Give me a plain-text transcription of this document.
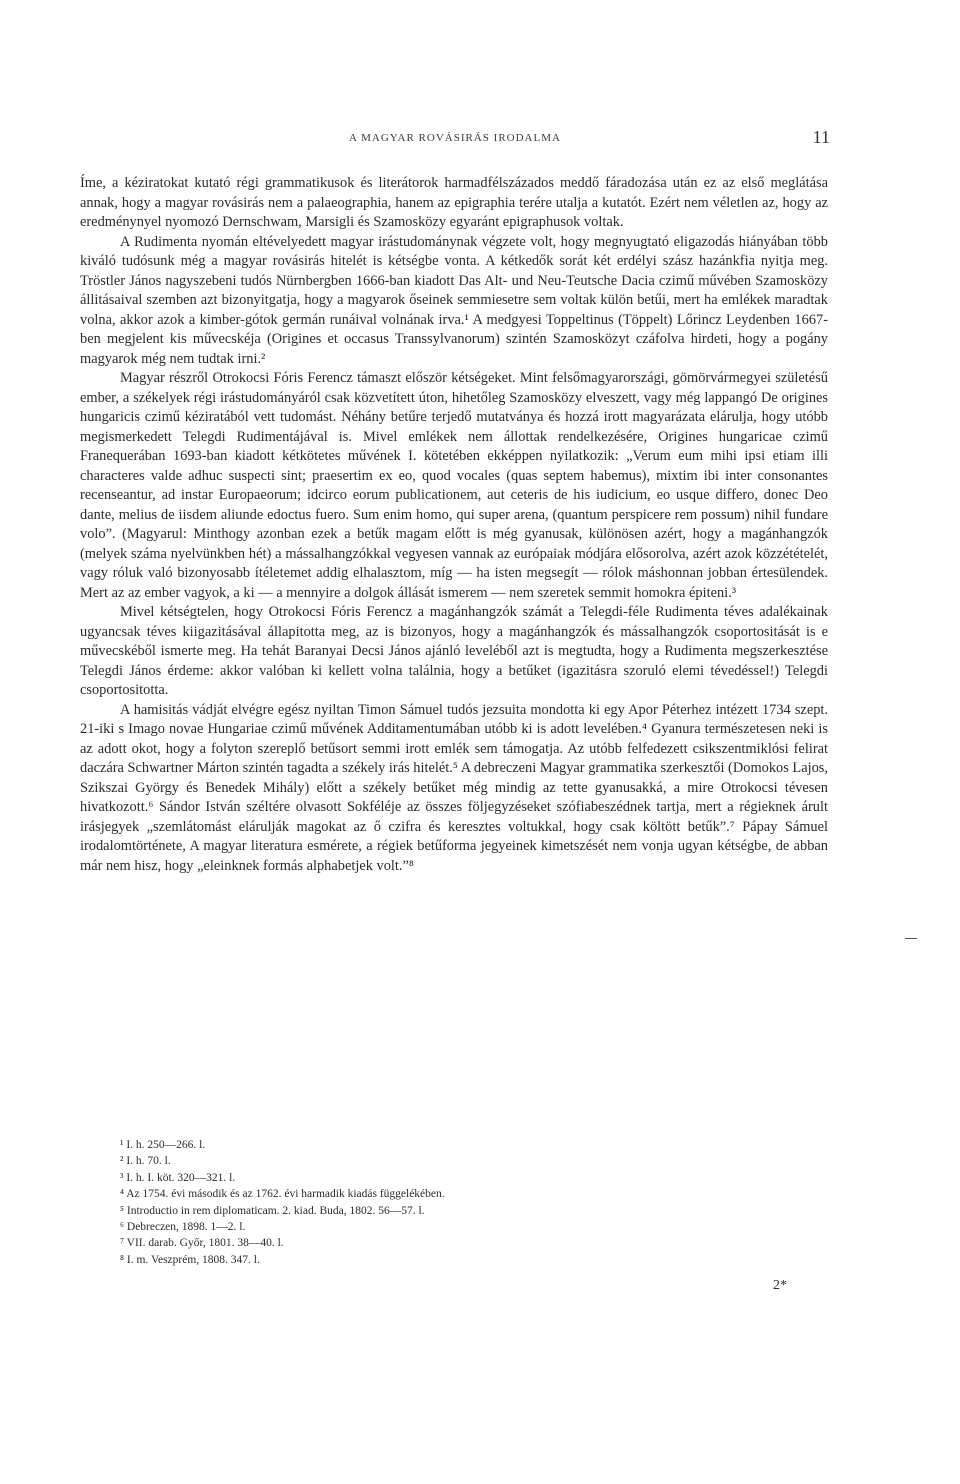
A MAGYAR ROVÁSIRÁS IRODALMA	11

Íme, a kéziratokat kutató régi grammatikusok és literátorok harmadfélszázados meddő fáradozása után ez az első meglátása annak, hogy a magyar rovásirás nem a palaeographia, hanem az epigraphia terére utalja a kutatót. Ezért nem véletlen az, hogy az eredménynyel nyomozó Dernschwam, Marsigli és Szamosközy egyaránt epigraphusok voltak.

A Rudimenta nyomán eltévelyedett magyar irástudománynak végzete volt, hogy megnyugtató eligazodás hiányában több kiváló tudósunk még a magyar rovásirás hitelét is kétségbe vonta. A kétkedők sorát két erdélyi szász hazánkfia nyitja meg. Tröstler János nagyszebeni tudós Nürnbergben 1666-ban kiadott Das Alt- und Neu-Teutsche Dacia czimű művében Szamosközy állitásaival szemben azt bizonyitgatja, hogy a magyarok őseinek semmiesetre sem voltak külön betűi, mert ha emlékek maradtak volna, akkor azok a kimber-gótok germán runáival volnának irva.¹ A medgyesi Toppeltinus (Töppelt) Lőrincz Leydenben 1667-ben megjelent kis művecskéja (Origines et occasus Transsylvanorum) szintén Szamosközyt czáfolva hirdeti, hogy a pogány magyarok még nem tudtak irni.²

Magyar részről Otrokocsi Fóris Ferencz támaszt először kétségeket. Mint felsőmagyarországi, gömörvármegyei születésű ember, a székelyek régi irástudományáról csak közvetített úton, hihetőleg Szamosközy elveszett, vagy még lappangó De origines hungaricis czimű kéziratából vett tudomást. Néhány betűre terjedő mutatványa és hozzá irott magyarázata elárulja, hogy utóbb megismerkedett Telegdi Rudimentájával is. Mivel emlékek nem állottak rendelkezésére, Origines hungaricae czimű Franequerában 1693-ban kiadott kétkötetes művének I. kötetében ekképpen nyilatkozik: „Verum eum mihi ipsi etiam illi characteres valde adhuc suspecti sint; praesertim ex eo, quod vocales (quas septem habemus), mixtim ibi inter consonantes recenseantur, ad instar Europaeorum; idcirco eorum publicationem, aut ceteris de his iudicium, eo usque differo, donec Deo dante, melius de iisdem aliunde edoctus fuero. Sum enim homo, qui super arena, (quantum perspicere rem possum) nihil fundare volo”. (Magyarul: Minthogy azonban ezek a betűk magam előtt is még gyanusak, különösen azért, hogy a magánhangzók (melyek száma nyelvünkben hét) a mássalhangzókkal vegyesen vannak az európaiak módjára elősorolva, azért azok közzétételét, vagy róluk való bizonyosabb ítéletemet addig elhalasztom, míg — ha isten megsegít — rólok máshonnan jobban értesülendek. Mert az az ember vagyok, a ki — a mennyire a dolgok állását ismerem — nem szeretek semmit homokra épiteni.³

Mivel kétségtelen, hogy Otrokocsi Fóris Ferencz a magánhangzók számát a Telegdi-féle Rudimenta téves adalékainak ugyancsak téves kiigazitásával állapitotta meg, az is bizonyos, hogy a magánhangzók és mássalhangzók csoportositását is e művecskéből ismerte meg. Ha tehát Baranyai Decsi János ajánló leveléből azt is megtudta, hogy a Rudimenta megszerkesztése Telegdi János érdeme: akkor valóban ki kellett volna találnia, hogy a betűket (igazitásra szoruló elemi tévedéssel!) Telegdi csoportositotta.

A hamisitás vádját elvégre egész nyiltan Timon Sámuel tudós jezsuita mondotta ki egy Apor Péterhez intézett 1734 szept. 21-iki s Imago novae Hungariae czimű művének Additamentumában utóbb ki is adott levelében.⁴ Gyanura természetesen neki is az adott okot, hogy a folyton szereplő betűsort semmi irott emlék sem támogatja. Az utóbb felfedezett csikszentmiklósi felirat daczára Schwartner Márton szintén tagadta a székely irás hitelét.⁵ A debreczeni Magyar grammatika szerkesztői (Domokos Lajos, Szikszai György és Benedek Mihály) előtt a székely betűket még mindig az tette gyanusakká, a mire Otrokocsi tévesen hivatkozott.⁶ Sándor István széltére olvasott Sokféléje az összes följegyzéseket szófiabeszédnek tartja, mert a régieknek árult irásjegyek „szemlátomást elárulják magokat az ő czifra és keresztes voltukkal, hogy csak költött betűk”.⁷ Pápay Sámuel irodalomtörténete, A magyar literatura esmérete, a régiek betűforma jegyeinek kimetszését nem vonja ugyan kétségbe, de abban már nem hisz, hogy „eleinknek formás alphabetjek volt.”⁸

¹ I. h. 250—266. l.
² I. h. 70. l.
³ I. h. I. köt. 320—321. l.
⁴ Az 1754. évi második és az 1762. évi harmadik kiadás függelékében.
⁵ Introductio in rem diplomaticam. 2. kiad. Buda, 1802. 56—57. l.
⁶ Debreczen, 1898. 1—2. l.
⁷ VII. darab. Győr, 1801. 38—40. l.
⁸ I. m. Veszprém, 1808. 347. l.
2*
